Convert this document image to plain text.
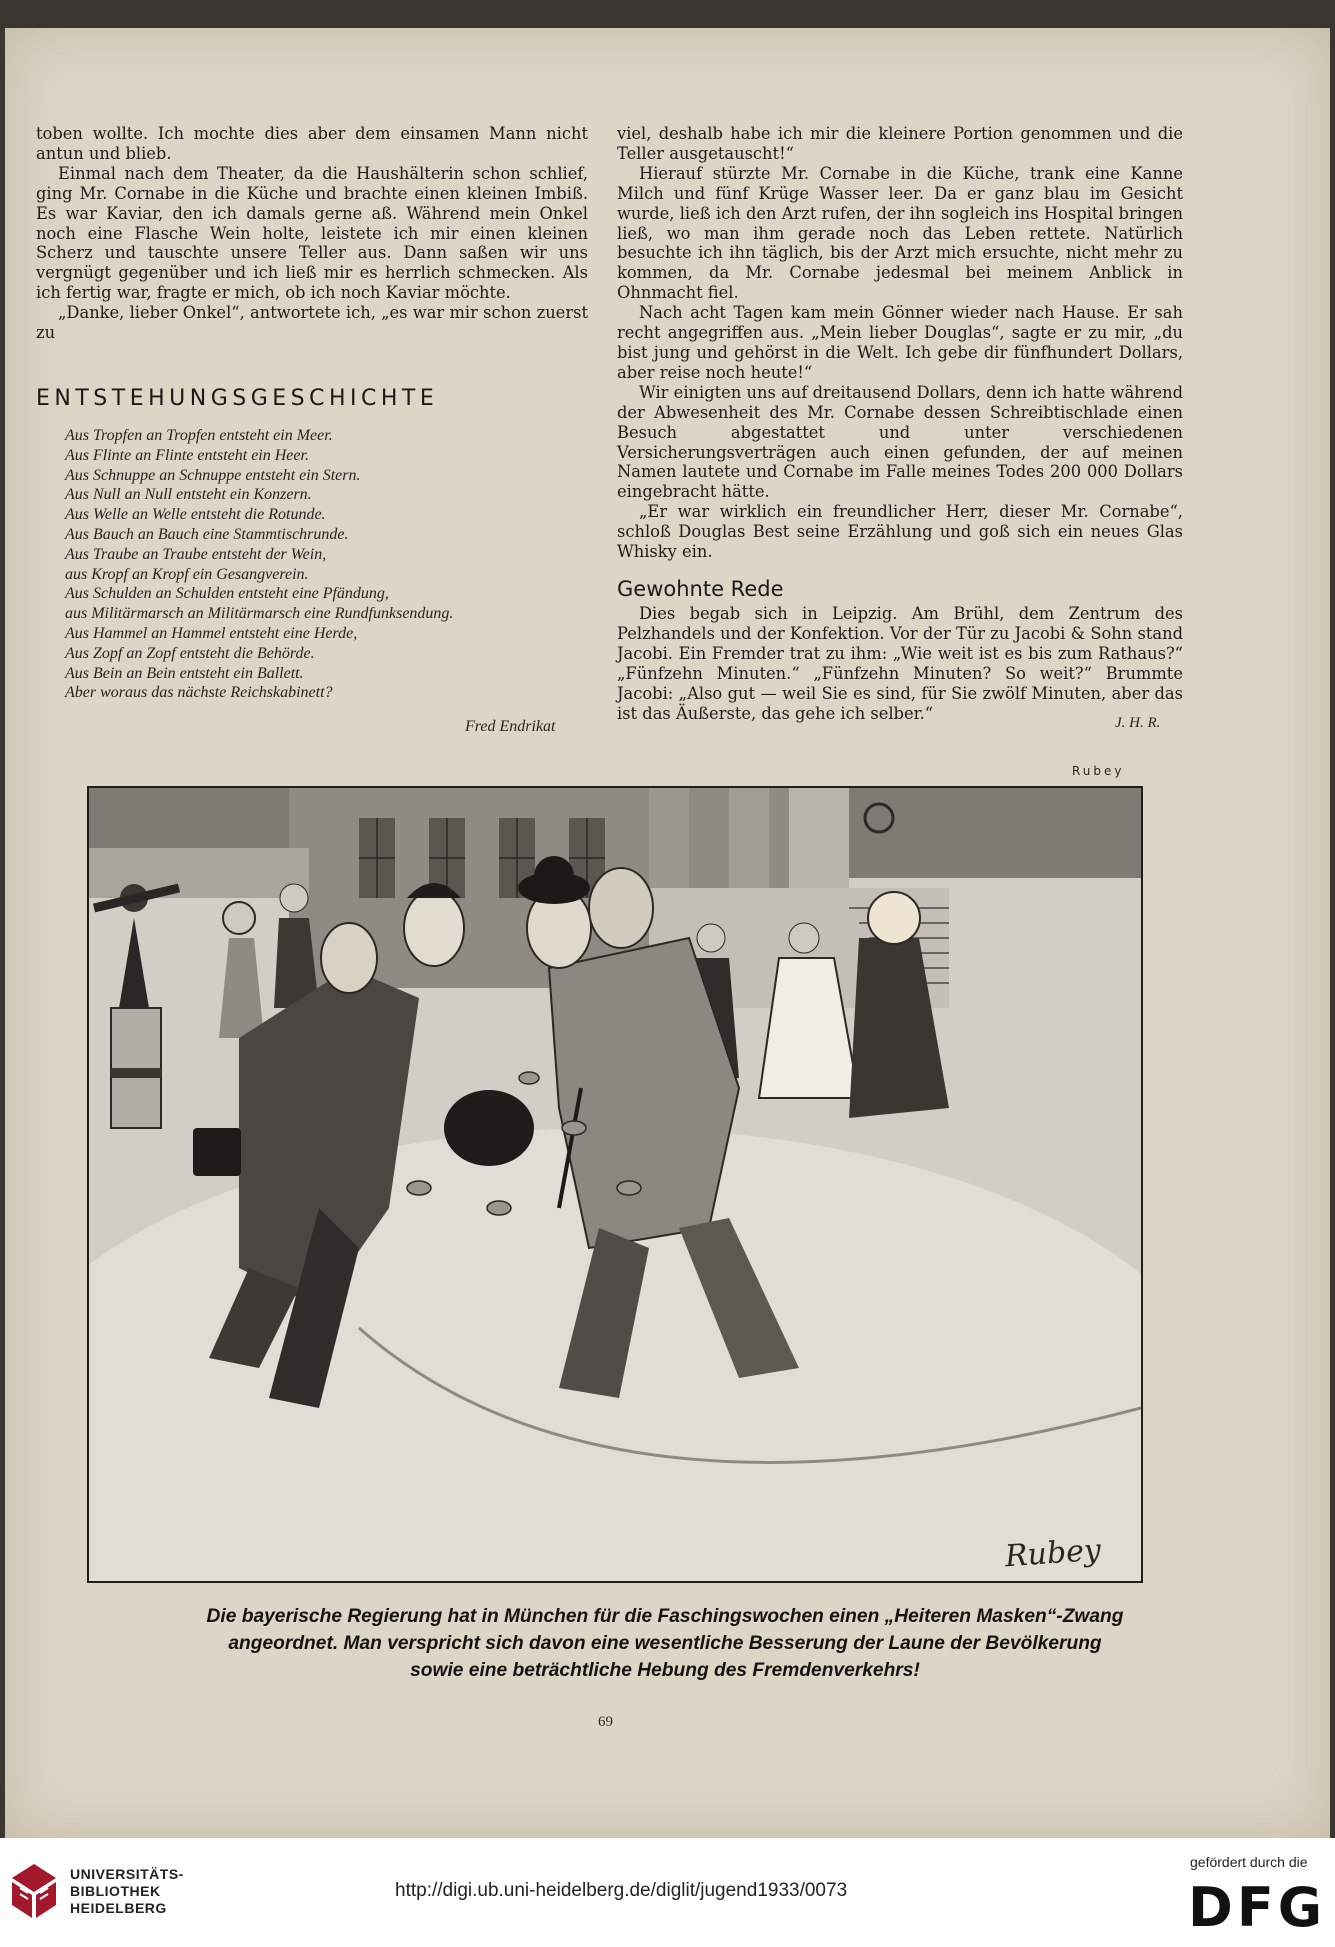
toben wollte. Ich mochte dies aber dem einsamen Mann nicht antun und blieb.

Einmal nach dem Theater, da die Haushälterin schon schlief, ging Mr. Cornabe in die Küche und brachte einen kleinen Imbiß. Es war Kaviar, den ich damals gerne aß. Während mein Onkel noch eine Flasche Wein holte, leistete ich mir einen kleinen Scherz und tauschte unsere Teller aus. Dann saßen wir uns vergnügt gegenüber und ich ließ mir es herrlich schmecken. Als ich fertig war, fragte er mich, ob ich noch Kaviar möchte.

„Danke, lieber Onkel“, antwortete ich, „es war mir schon zuerst zu

ENTSTEHUNGSGESCHICHTE
Aus Tropfen an Tropfen entsteht ein Meer.
Aus Flinte an Flinte entsteht ein Heer.
Aus Schnuppe an Schnuppe entsteht ein Stern.
Aus Null an Null entsteht ein Konzern.
Aus Welle an Welle entsteht die Rotunde.
Aus Bauch an Bauch eine Stammtischrunde.
Aus Traube an Traube entsteht der Wein,
aus Kropf an Kropf ein Gesangverein.
Aus Schulden an Schulden entsteht eine Pfändung,
aus Militärmarsch an Militärmarsch eine Rundfunksendung.
Aus Hammel an Hammel entsteht eine Herde,
Aus Zopf an Zopf entsteht die Behörde.
Aus Bein an Bein entsteht ein Ballett.
Aber woraus das nächste Reichskabinett?
Fred Endrikat

viel, deshalb habe ich mir die kleinere Portion genommen und die Teller ausgetauscht!“

Hierauf stürzte Mr. Cornabe in die Küche, trank eine Kanne Milch und fünf Krüge Wasser leer. Da er ganz blau im Gesicht wurde, ließ ich den Arzt rufen, der ihn sogleich ins Hospital bringen ließ, wo man ihm gerade noch das Leben rettete. Natürlich besuchte ich ihn täglich, bis der Arzt mich ersuchte, nicht mehr zu kommen, da Mr. Cornabe jedesmal bei meinem Anblick in Ohnmacht fiel.

Nach acht Tagen kam mein Gönner wieder nach Hause. Er sah recht angegriffen aus. „Mein lieber Douglas“, sagte er zu mir, „du bist jung und gehörst in die Welt. Ich gebe dir fünfhundert Dollars, aber reise noch heute!“

Wir einigten uns auf dreitausend Dollars, denn ich hatte während der Abwesenheit des Mr. Cornabe dessen Schreibtischlade einen Besuch abgestattet und unter verschiedenen Versicherungsverträgen auch einen gefunden, der auf meinen Namen lautete und Cornabe im Falle meines Todes 200 000 Dollars eingebracht hätte.

„Er war wirklich ein freundlicher Herr, dieser Mr. Cornabe“, schloß Douglas Best seine Erzählung und goß sich ein neues Glas Whisky ein.

Gewohnte Rede

Dies begab sich in Leipzig. Am Brühl, dem Zentrum des Pelzhandels und der Konfektion. Vor der Tür zu Jacobi & Sohn stand Jacobi. Ein Fremder trat zu ihm: „Wie weit ist es bis zum Rathaus?“ „Fünfzehn Minuten.“ „Fünfzehn Minuten? So weit?“ Brummte Jacobi: „Also gut — weil Sie es sind, für Sie zwölf Minuten, aber das ist das Äußerste, das gehe ich selber.“

J. H. R.
Rubey
Rubey
Die bayerische Regierung hat in München für die Faschingswochen einen „Heiteren Masken“-Zwang
angeordnet. Man verspricht sich davon eine wesentliche Besserung der Laune der Bevölkerung
sowie eine beträchtliche Hebung des Fremdenverkehrs!
69
UNIVERSITÄTS-
BIBLIOTHEK
HEIDELBERG
http://digi.ub.uni-heidelberg.de/diglit/jugend1933/0073
gefördert durch die
DFG
